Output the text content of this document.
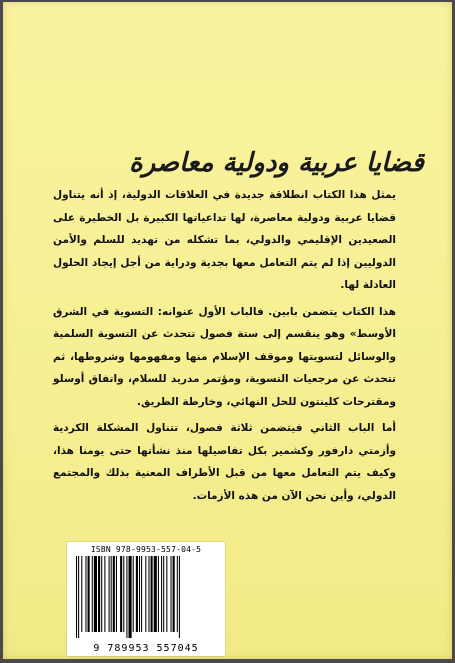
قضايا عربية ودولية معاصرة

يمثل هذا الكتاب انطلاقة جديدة في العلاقات الدولية، إذ أنه يتناول قضايا عربية ودولية معاصرة، لها تداعياتها الكبيرة بل الخطيرة على الصعيدين الإقليمي والدولي، بما تشكله من تهديد للسلم والأمن الدوليين إذا لم يتم التعامل معها بجدية ودراية من أجل إيجاد الحلول العادلة لها.

هذا الكتاب يتضمن بابين. فالباب الأول عنوانه: التسوية في الشرق الأوسط» وهو ينقسم إلى ستة فصول تتحدث عن التسوية السلمية والوسائل لتسويتها وموقف الإسلام منها ومفهومها وشروطها، ثم تتحدث عن مرجعيات التسوية، ومؤتمر مدريد للسلام، واتفاق أوسلو ومقترحات كلينتون للحل النهائي، وخارطة الطريق.

أما الباب الثاني فيتضمن ثلاثة فصول، تتناول المشكلة الكردية وأزمتي دارفور وكشمير بكل تفاصيلها منذ نشأتها حتى يومنا هذا، وكيف يتم التعامل معها من قبل الأطراف المعنية بذلك والمجتمع الدولي، وأين نحن الآن من هذه الأزمات.

ISBN 978-9953-557-04-5
9 789953 557045
